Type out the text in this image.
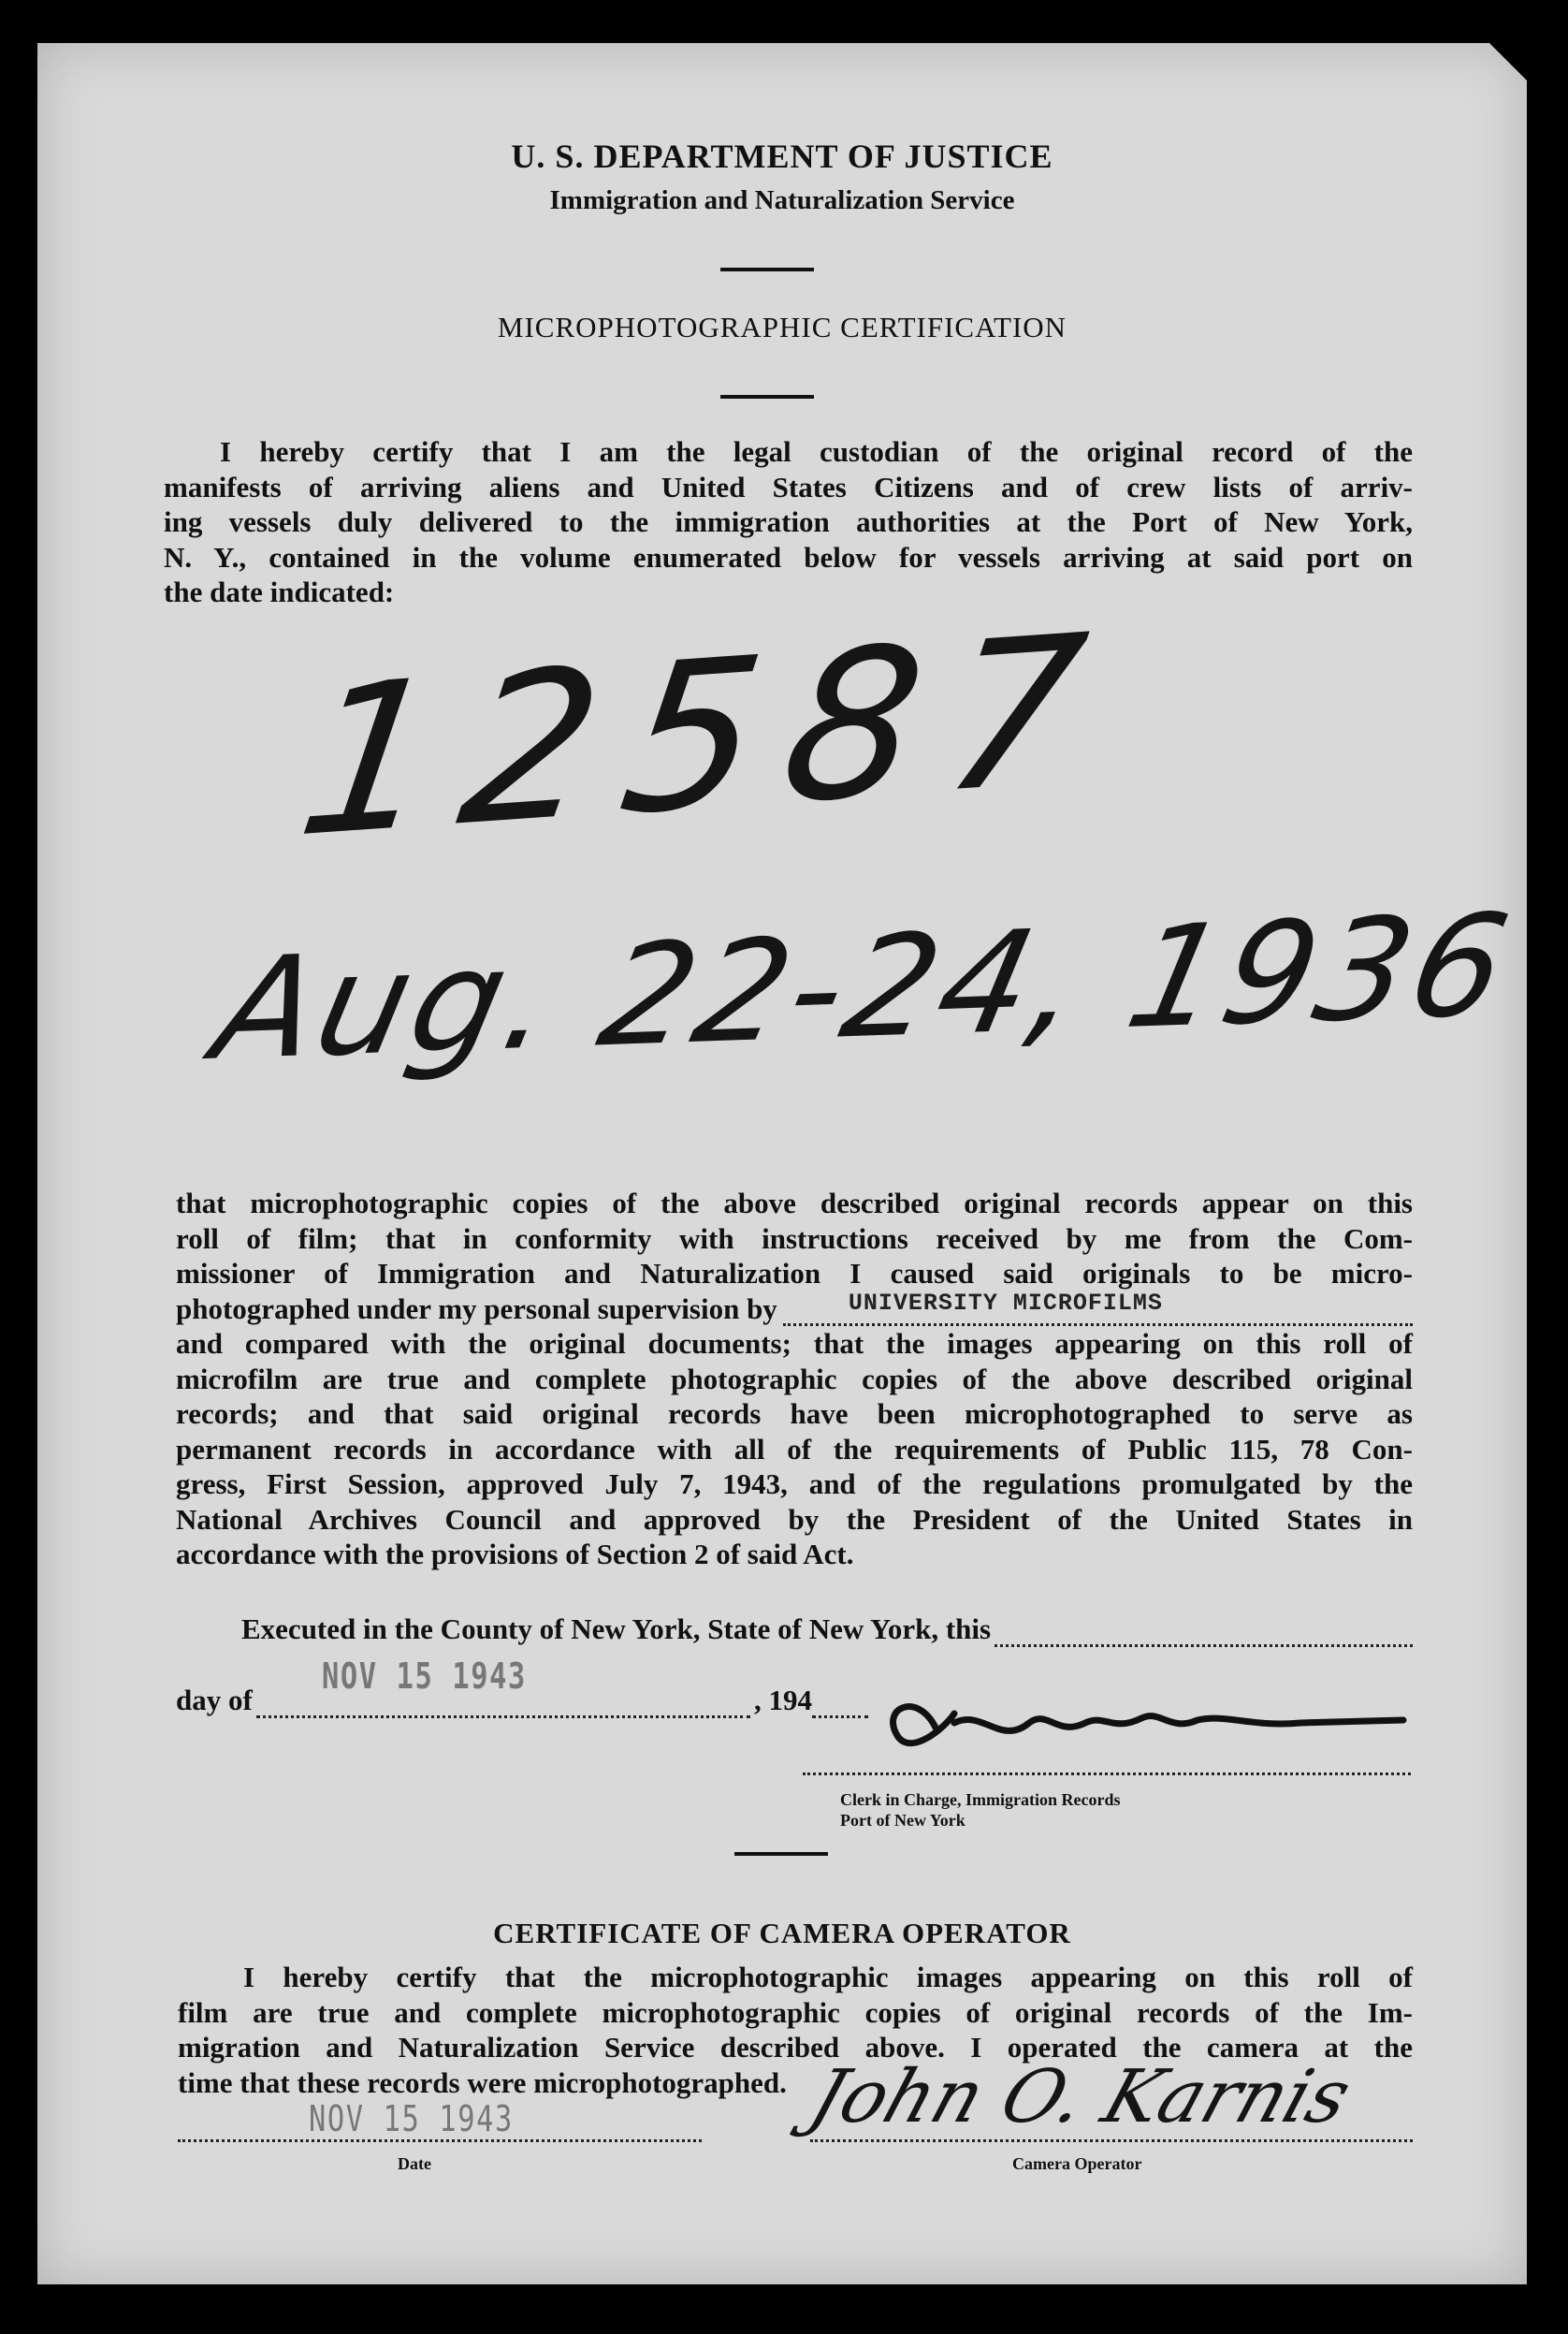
U. S. DEPARTMENT OF JUSTICE
Immigration and Naturalization Service
MICROPHOTOGRAPHIC CERTIFICATION

I hereby certify that I am the legal custodian of the original record of the

manifests of arriving aliens and United States Citizens and of crew lists of arriv-

ing vessels duly delivered to the immigration authorities at the Port of New York,

N. Y., contained in the volume enumerated below for vessels arriving at said port on

the date indicated:

12587
Aug. 22-24, 1936

that microphotographic copies of the above described original records appear on this

roll of film; that in conformity with instructions received by me from the Com-

missioner of Immigration and Naturalization I caused said originals to be micro-

photographed under my personal supervision by	UNIVERSITY MICROFILMS

and compared with the original documents; that the images appearing on this roll of

microfilm are true and complete photographic copies of the above described original

records; and that said original records have been microphotographed to serve as

permanent records in accordance with all of the requirements of Public 115, 78 Con-

gress, First Session, approved July 7, 1943, and of the regulations promulgated by the

National Archives Council and approved by the President of the United States in

accordance with the provisions of Section 2 of said Act.

Executed in the County of New York, State of New York, this
day of
NOV 15 1943
, 194
Clerk in Charge, Immigration Records
Port of New York
CERTIFICATE OF CAMERA OPERATOR

I hereby certify that the microphotographic images appearing on this roll of

film are true and complete microphotographic copies of original records of the Im-

migration and Naturalization Service described above. I operated the camera at the

time that these records were microphotographed.

NOV 15 1943
Date
John O. Karnis
Camera Operator
